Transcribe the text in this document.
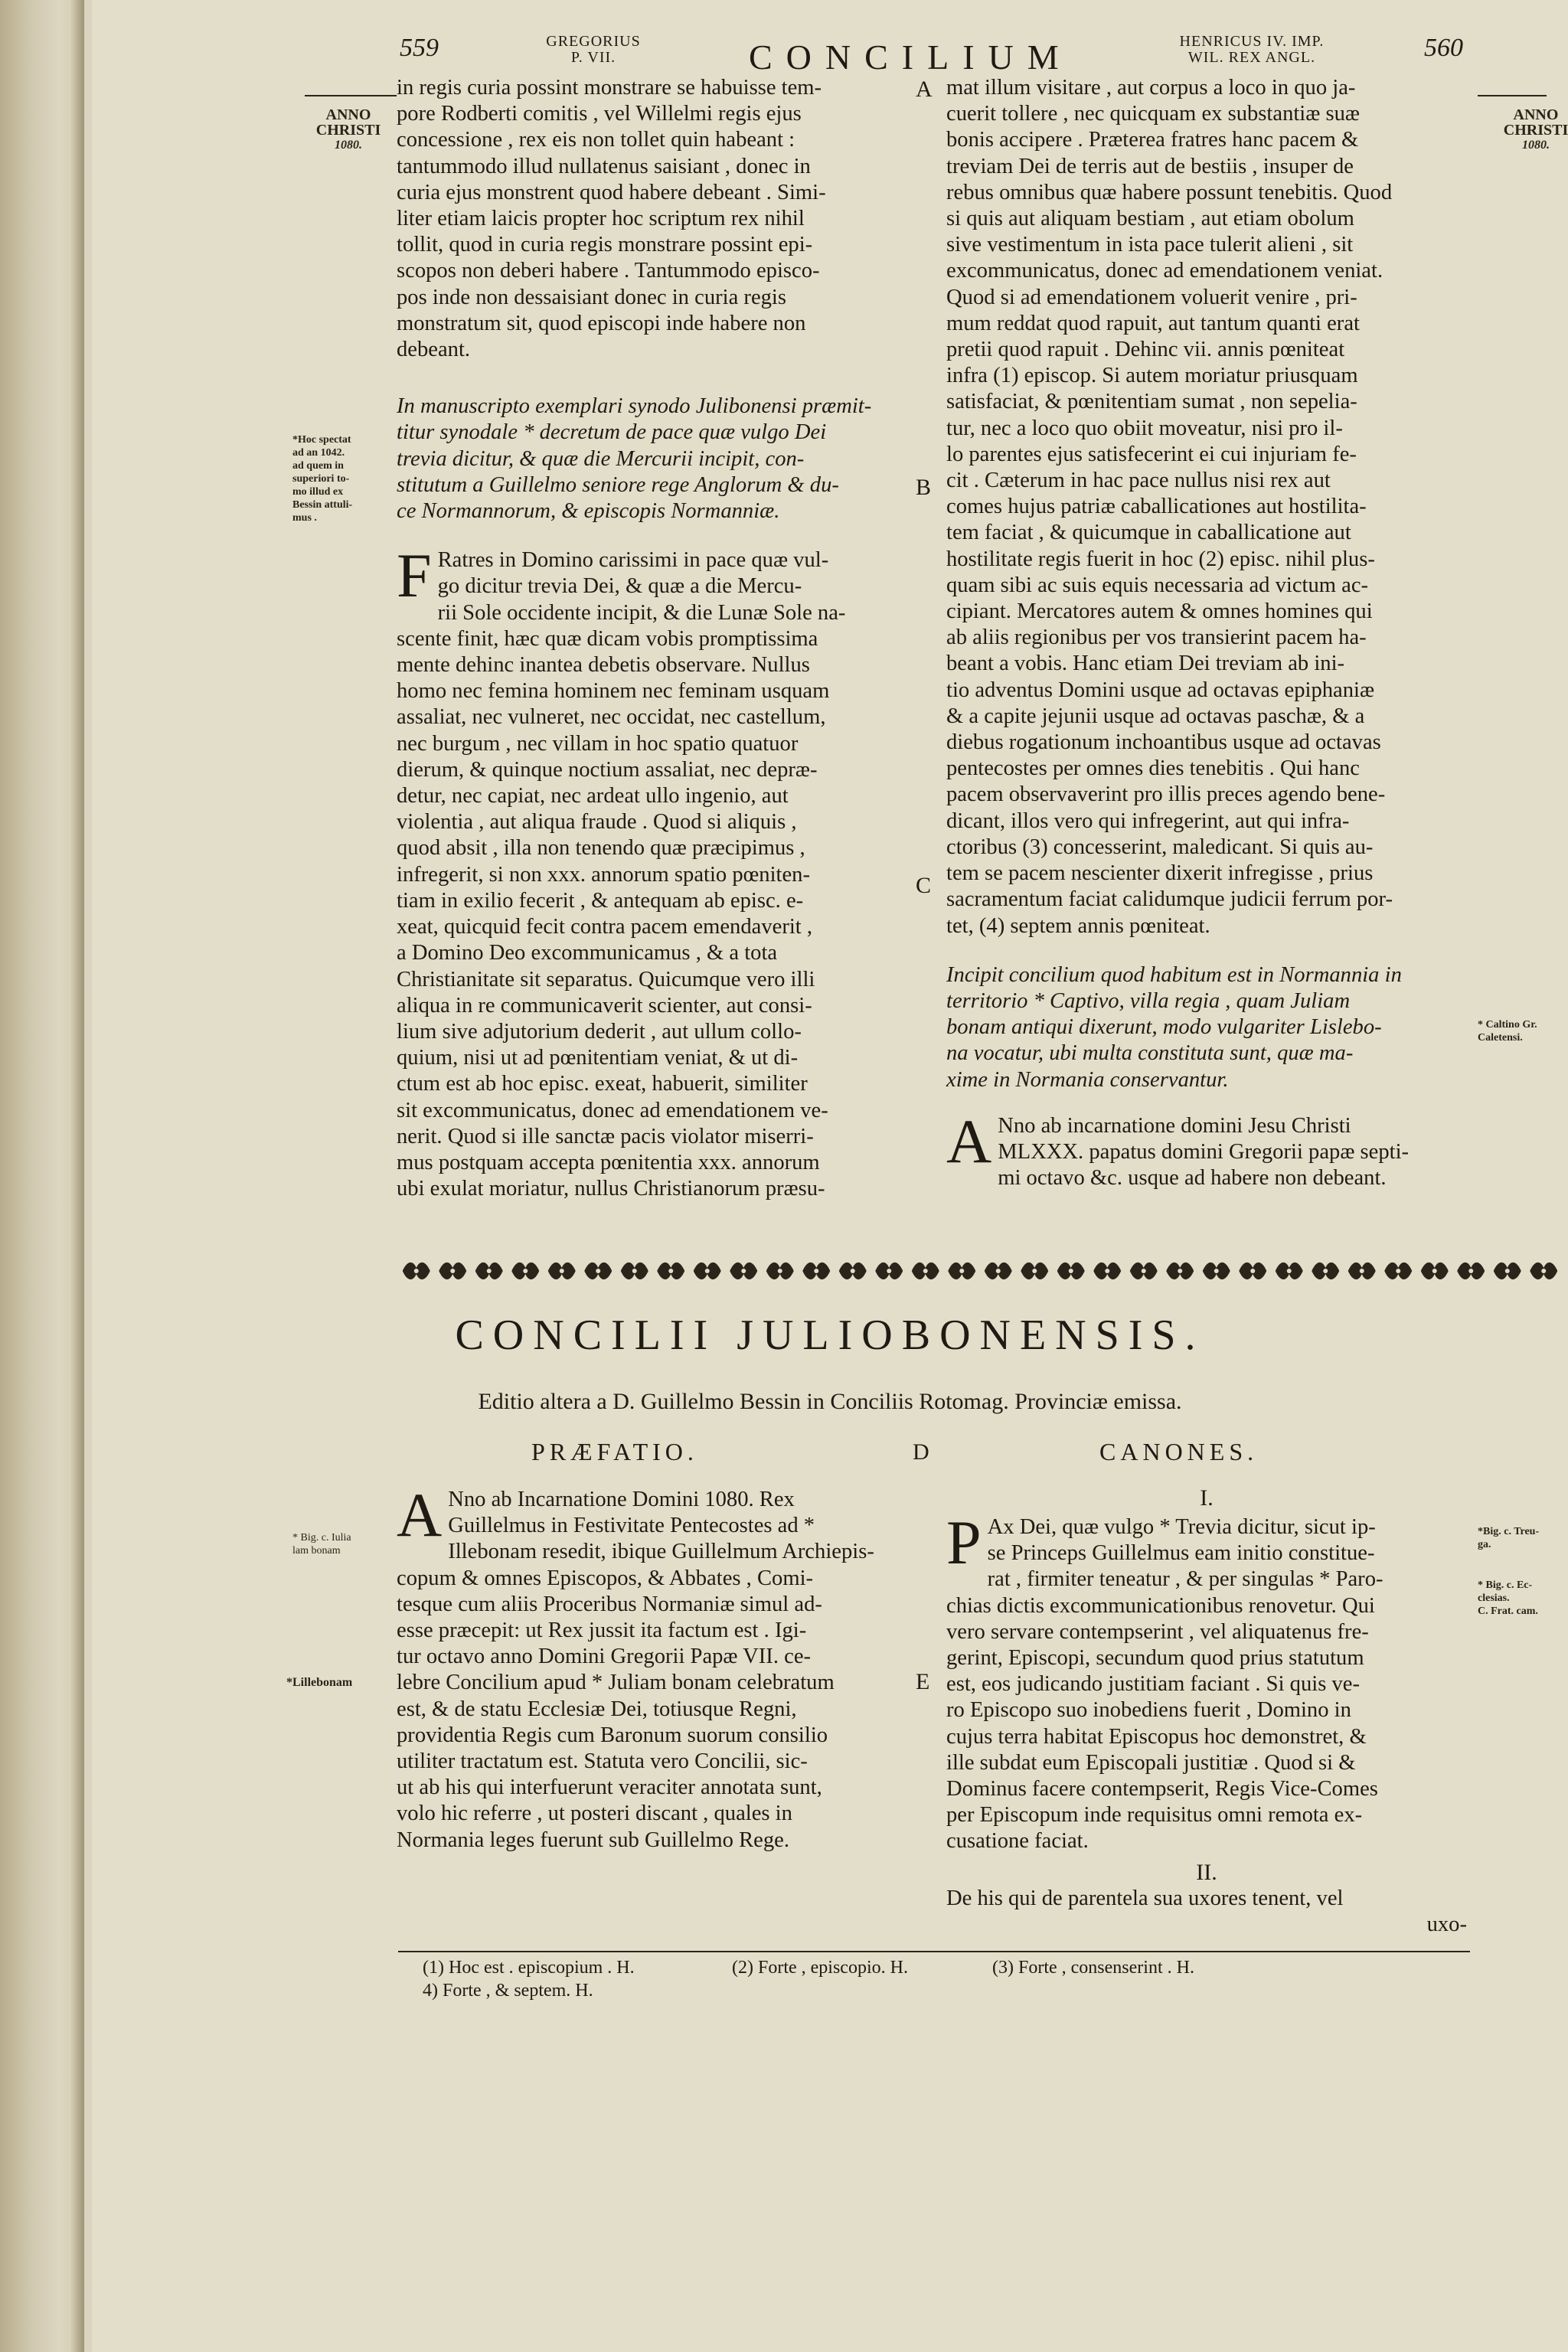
559	GREGORIUS
P. VII.	CONCILIUM	HENRICUS IV. IMP.
WIL. REX ANGL.	560
ANNO
CHRISTI
1080.
*Hoc spectat
ad an 1042.
ad quem in
superiori to-
mo illud ex
Bessin attuli-
mus .
* Big. c. Iulia
lam bonam
*Lillebonam
ANNO
CHRISTI
1080.
* Caltino Gr.
Caletensi.
*Big. c. Treu-
ga.
* Big. c. Ec-
clesias.
C. Frat. cam.
A
B
C
D
E
in regis curia possint monstrare se habuisse tem-
pore Rodberti comitis , vel Willelmi regis ejus
concessione , rex eis non tollet quin habeant :
tantummodo illud nullatenus saisiant , donec in
curia ejus monstrent quod habere debeant . Simi-
liter etiam laicis propter hoc scriptum rex nihil
tollit, quod in curia regis monstrare possint epi-
scopos non deberi habere . Tantummodo episco-
pos inde non dessaisiant donec in curia regis
monstratum sit, quod episcopi inde habere non
debeant.
In manuscripto exemplari synodo Julibonensi præmit-
titur synodale * decretum de pace quæ vulgo Dei
trevia dicitur, & quæ die Mercurii incipit, con-
stitutum a Guillelmo seniore rege Anglorum & du-
ce Normannorum, & episcopis Normanniæ.
F Ratres in Domino carissimi in pace quæ vul-
go dicitur trevia Dei, & quæ a die Mercu-
rii Sole occidente incipit, & die Lunæ Sole na-
scente finit, hæc quæ dicam vobis promptissima
mente dehinc inantea debetis observare. Nullus
homo nec femina hominem nec feminam usquam
assaliat, nec vulneret, nec occidat, nec castellum,
nec burgum , nec villam in hoc spatio quatuor
dierum, & quinque noctium assaliat, nec depræ-
detur, nec capiat, nec ardeat ullo ingenio, aut
violentia , aut aliqua fraude . Quod si aliquis ,
quod absit , illa non tenendo quæ præcipimus ,
infregerit, si non xxx. annorum spatio pœniten-
tiam in exilio fecerit , & antequam ab episc. e-
xeat, quicquid fecit contra pacem emendaverit ,
a Domino Deo excommunicamus , & a tota
Christianitate sit separatus. Quicumque vero illi
aliqua in re communicaverit scienter, aut consi-
lium sive adjutorium dederit , aut ullum collo-
quium, nisi ut ad pœnitentiam veniat, & ut di-
ctum est ab hoc episc. exeat, habuerit, similiter
sit excommunicatus, donec ad emendationem ve-
nerit. Quod si ille sanctæ pacis violator miserri-
mus postquam accepta pœnitentia xxx. annorum
ubi exulat moriatur, nullus Christianorum præsu-
mat illum visitare , aut corpus a loco in quo ja-
cuerit tollere , nec quicquam ex substantiæ suæ
bonis accipere . Præterea fratres hanc pacem &
treviam Dei de terris aut de bestiis , insuper de
rebus omnibus quæ habere possunt tenebitis. Quod
si quis aut aliquam bestiam , aut etiam obolum
sive vestimentum in ista pace tulerit alieni , sit
excommunicatus, donec ad emendationem veniat.
Quod si ad emendationem voluerit venire , pri-
mum reddat quod rapuit, aut tantum quanti erat
pretii quod rapuit . Dehinc vii. annis pœniteat
infra (1) episcop. Si autem moriatur priusquam
satisfaciat, & pœnitentiam sumat , non sepelia-
tur, nec a loco quo obiit moveatur, nisi pro il-
lo parentes ejus satisfecerint ei cui injuriam fe-
cit . Cæterum in hac pace nullus nisi rex aut
comes hujus patriæ caballicationes aut hostilita-
tem faciat , & quicumque in caballicatione aut
hostilitate regis fuerit in hoc (2) episc. nihil plus-
quam sibi ac suis equis necessaria ad victum ac-
cipiant. Mercatores autem & omnes homines qui
ab aliis regionibus per vos transierint pacem ha-
beant a vobis. Hanc etiam Dei treviam ab ini-
tio adventus Domini usque ad octavas epiphaniæ
& a capite jejunii usque ad octavas paschæ, & a
diebus rogationum inchoantibus usque ad octavas
pentecostes per omnes dies tenebitis . Qui hanc
pacem observaverint pro illis preces agendo bene-
dicant, illos vero qui infregerint, aut qui infra-
ctoribus (3) concesserint, maledicant. Si quis au-
tem se pacem nescienter dixerit infregisse , prius
sacramentum faciat calidumque judicii ferrum por-
tet, (4) septem annis pœniteat.
Incipit concilium quod habitum est in Normannia in
territorio * Captivo, villa regia , quam Juliam
bonam antiqui dixerunt, modo vulgariter Lislebo-
na vocatur, ubi multa constituta sunt, quæ ma-
xime in Normania conservantur.
A Nno ab incarnatione domini Jesu Christi
MLXXX. papatus domini Gregorii papæ septi-
mi octavo &c. usque ad habere non debeant.
CONCILII JULIOBONENSIS.
Editio altera a D. Guillelmo Bessin in Conciliis Rotomag. Provinciæ emissa.
PRÆFATIO.	CANONES.
A Nno ab Incarnatione Domini 1080. Rex
Guillelmus in Festivitate Pentecostes ad *
Illebonam resedit, ibique Guillelmum Archiepis-
copum & omnes Episcopos, & Abbates , Comi-
tesque cum aliis Proceribus Normaniæ simul ad-
esse præcepit: ut Rex jussit ita factum est . Igi-
tur octavo anno Domini Gregorii Papæ VII. ce-
lebre Concilium apud * Juliam bonam celebratum
est, & de statu Ecclesiæ Dei, totiusque Regni,
providentia Regis cum Baronum suorum consilio
utiliter tractatum est. Statuta vero Concilii, sic-
ut ab his qui interfuerunt veraciter annotata sunt,
volo hic referre , ut posteri discant , quales in
Normania leges fuerunt sub Guillelmo Rege.
I.
P Ax Dei, quæ vulgo * Trevia dicitur, sicut ip-
se Princeps Guillelmus eam initio constitue-
rat , firmiter teneatur , & per singulas * Paro-
chias dictis excommunicationibus renovetur. Qui
vero servare contempserint , vel aliquatenus fre-
gerint, Episcopi, secundum quod prius statutum
est, eos judicando justitiam faciant . Si quis ve-
ro Episcopo suo inobediens fuerit , Domino in
cujus terra habitat Episcopus hoc demonstret, &
ille subdat eum Episcopali justitiæ . Quod si &
Dominus facere contempserit, Regis Vice-Comes
per Episcopum inde requisitus omni remota ex-
cusatione faciat.
II.
De his qui de parentela sua uxores tenent, vel
uxo-
(1) Hoc est . episcopium . H.	(2) Forte , episcopio. H.	(3) Forte , consenserint . H.
4) Forte , & septem. H.
